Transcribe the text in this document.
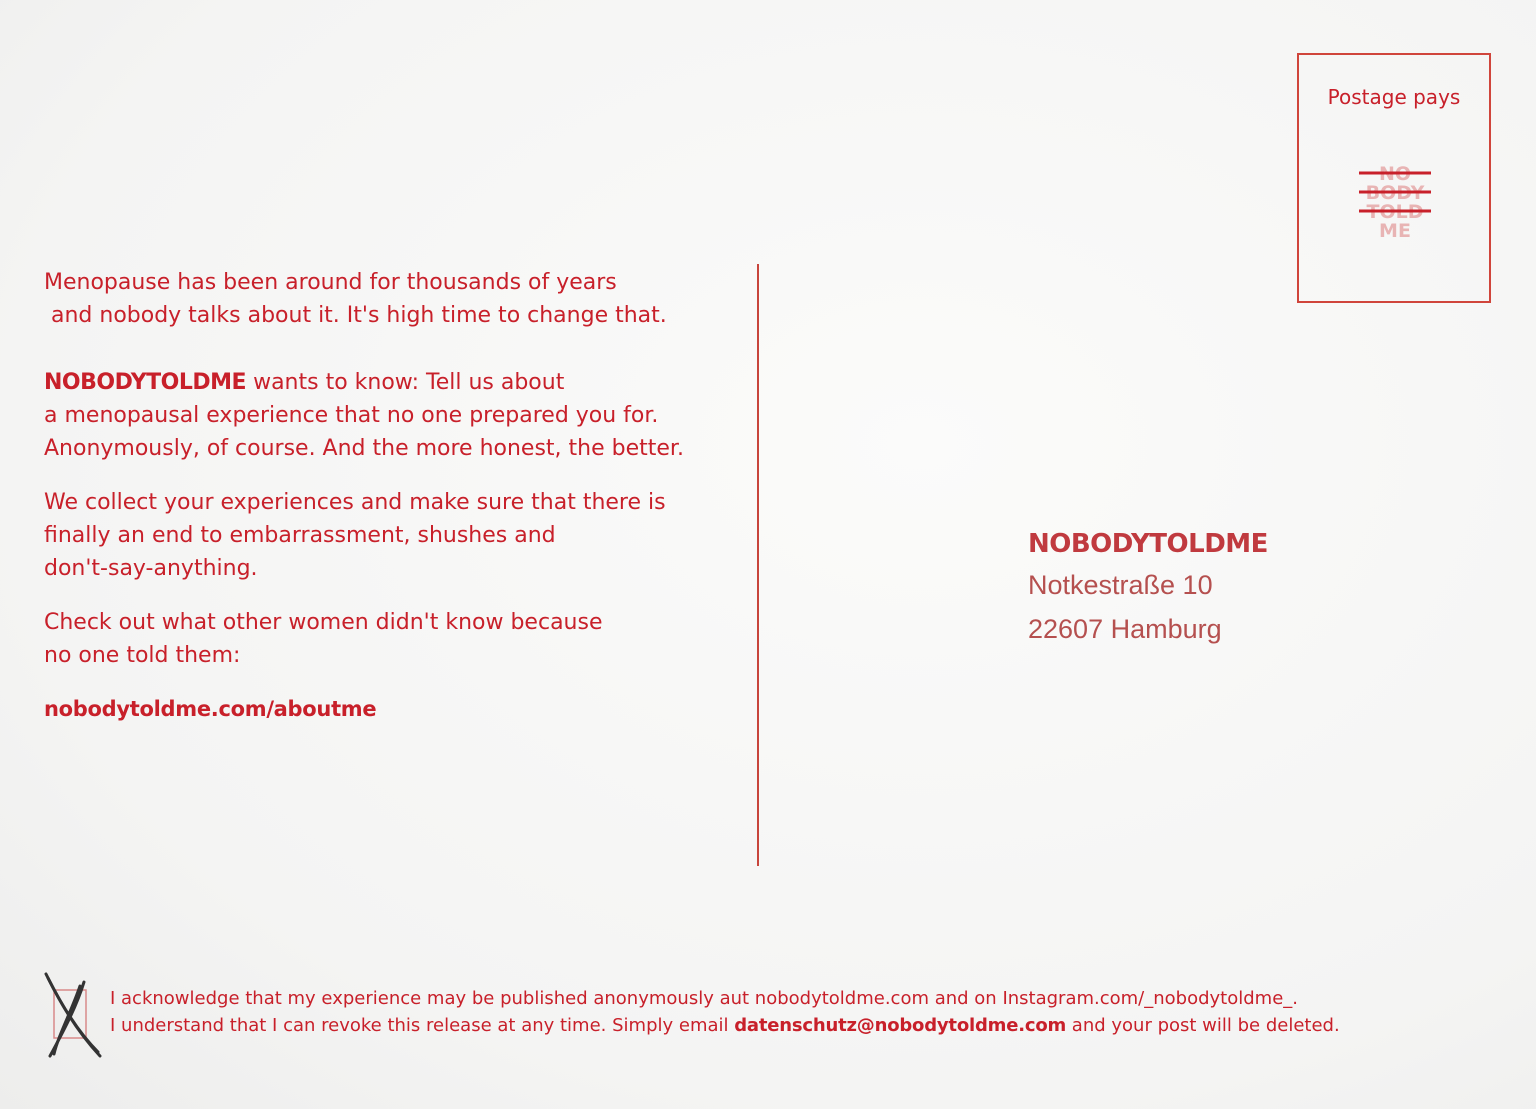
Menopause has been around for thousands of years
and nobody talks about it. It's high time to change that.

NOBODYTOLDME wants to know: Tell us about
a menopausal experience that no one prepared you for.
Anonymously, of course. And the more honest, the better.

We collect your experiences and make sure that there is
finally an end to embarrassment, shushes and
don't-say-anything.

Check out what other women didn't know because
no one told them:

nobodytoldme.com/aboutme

Postage pays
NO
BODY
TOLD
ME
NOBODYTOLDME
Notkestraße 10
22607 Hamburg
I acknowledge that my experience may be published anonymously aut nobodytoldme.com and on Instagram.com/_nobodytoldme_.
I understand that I can revoke this release at any time. Simply email datenschutz@nobodytoldme.com and your post will be deleted.
